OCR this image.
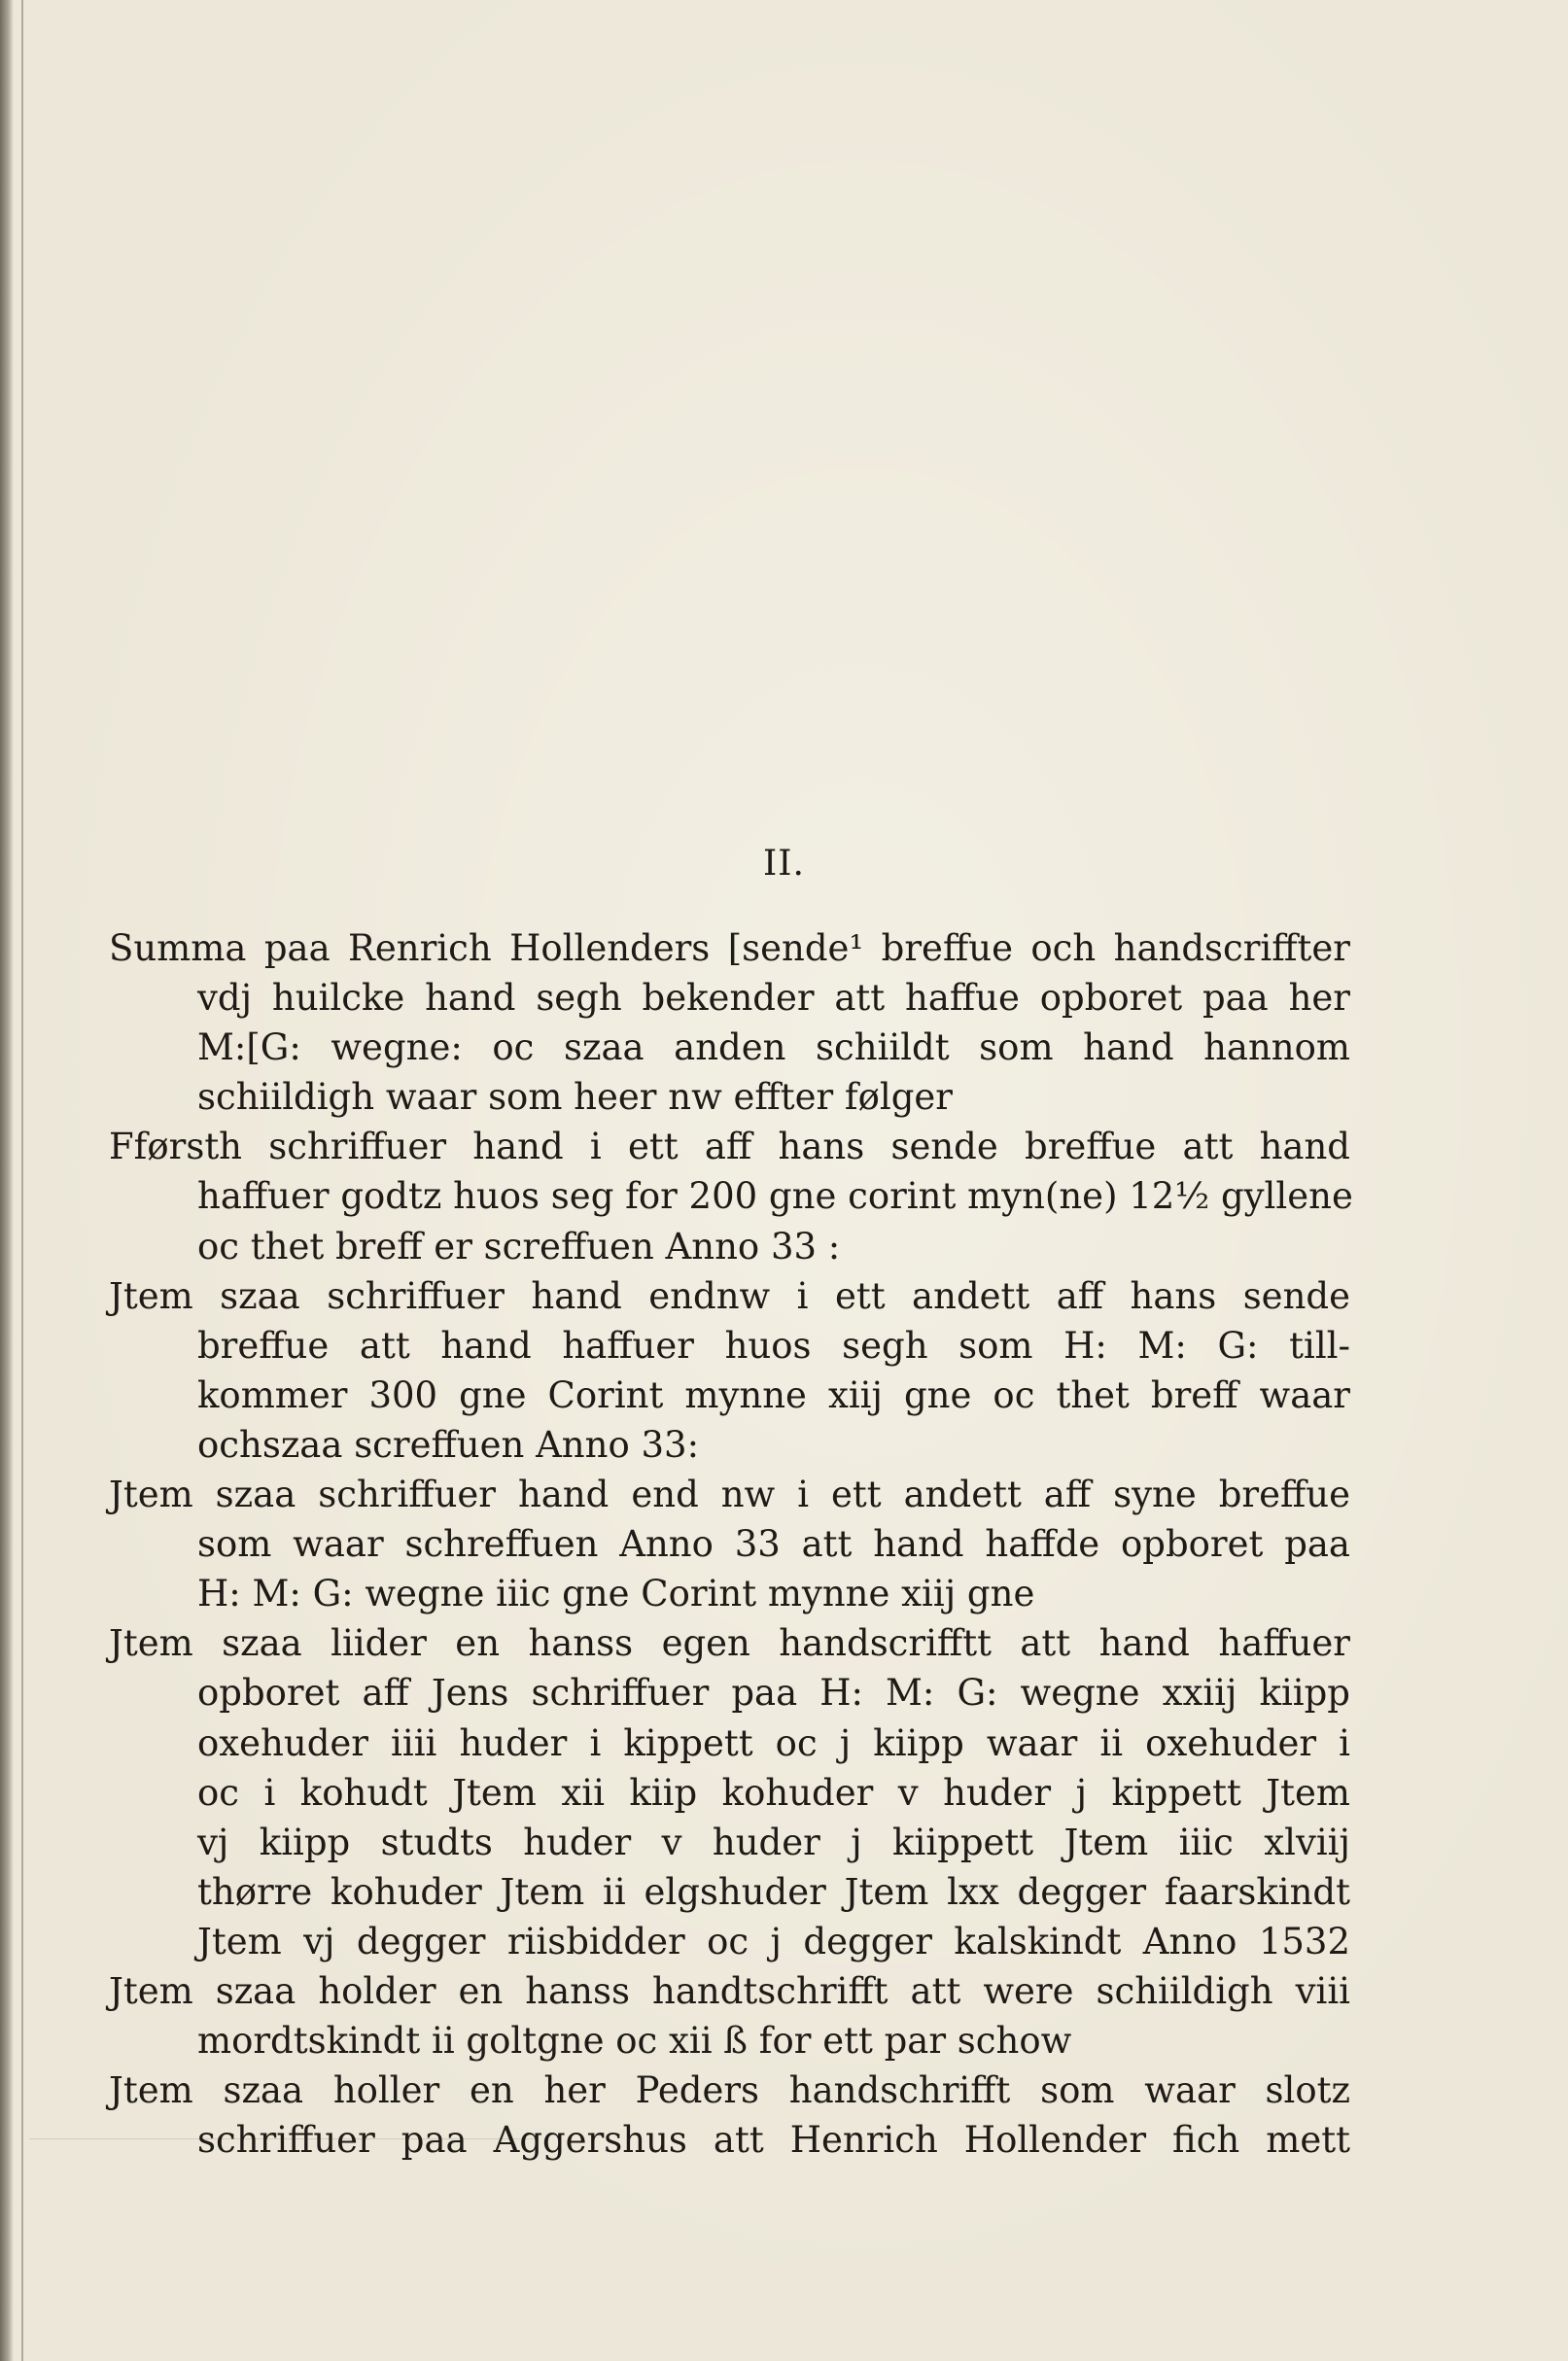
II.
Summa paa Renrich Hollenders [sende¹ breffue och handscriffter
vdj huilcke hand segh bekender att haffue opboret paa her
M:[G: wegne: oc szaa anden schiildt som hand hannom
schiildigh waar som heer nw effter følger
Fførsth schriffuer hand i ett aff hans sende breffue att hand
haffuer godtz huos seg for 200 gne corint myn(ne) 12½ gyllene
oc thet breff er screffuen Anno 33 :
Jtem szaa schriffuer hand endnw i ett andett aff hans sende
breffue att hand haffuer huos segh som H: M: G: till-
kommer 300 gne Corint mynne xiij gne oc thet breff waar
ochszaa screffuen Anno 33:
Jtem szaa schriffuer hand end nw i ett andett aff syne breffue
som waar schreffuen Anno 33 att hand haffde opboret paa
H: M: G: wegne iiic gne Corint mynne xiij gne
Jtem szaa liider en hanss egen handscrifftt att hand haffuer
opboret aff Jens schriffuer paa H: M: G: wegne xxiij kiipp
oxehuder iiii huder i kippett oc j kiipp waar ii oxehuder i
oc i kohudt Jtem xii kiip kohuder v huder j kippett Jtem
vj kiipp studts huder v huder j kiippett Jtem iiic xlviij
thørre kohuder Jtem ii elgshuder Jtem lxx degger faarskindt
Jtem vj degger riisbidder oc j degger kalskindt Anno 1532
Jtem szaa holder en hanss handtschrifft att were schiildigh viii
mordtskindt ii goltgne oc xii ß for ett par schow
Jtem szaa holler en her Peders handschrifft som waar slotz
schriffuer paa Aggershus att Henrich Hollender fich mett
